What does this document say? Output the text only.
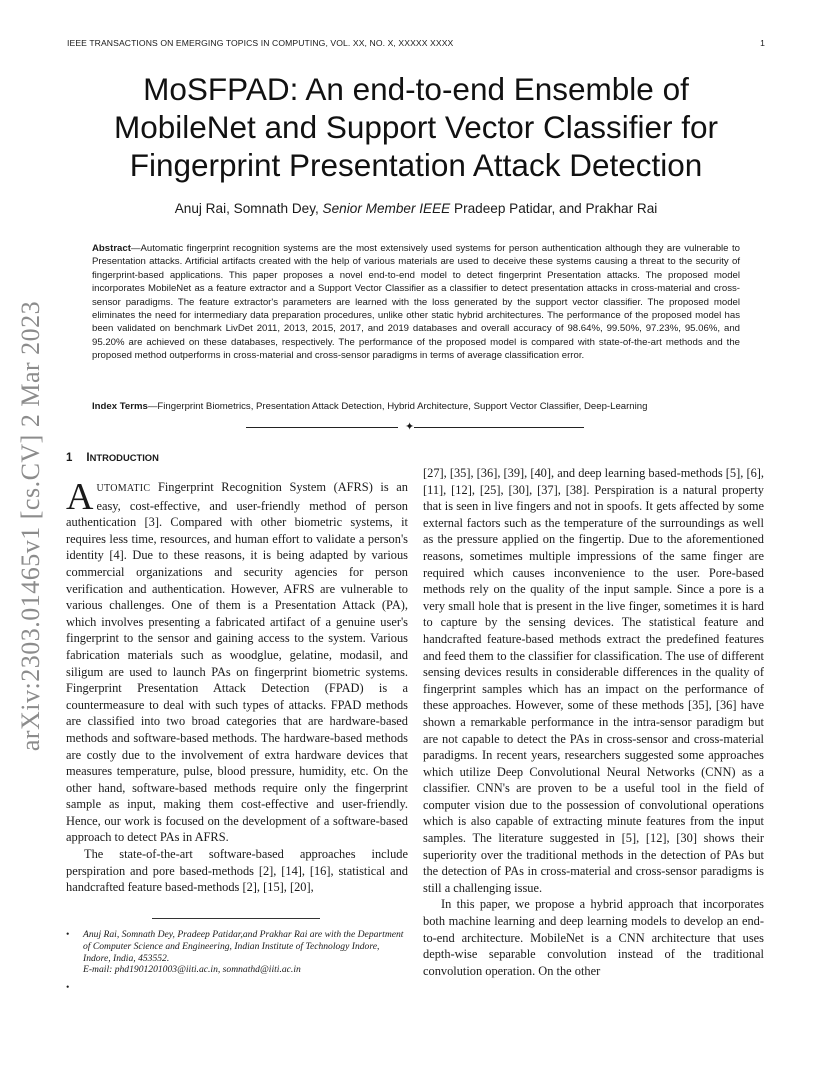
IEEE TRANSACTIONS ON EMERGING TOPICS IN COMPUTING, VOL. XX, NO. X, XXXXX XXXX	1
arXiv:2303.01465v1 [cs.CV] 2 Mar 2023
MoSFPAD: An end-to-end Ensemble of MobileNet and Support Vector Classifier for Fingerprint Presentation Attack Detection
Anuj Rai, Somnath Dey, Senior Member IEEE Pradeep Patidar, and Prakhar Rai
Abstract—Automatic fingerprint recognition systems are the most extensively used systems for person authentication although they are vulnerable to Presentation attacks. Artificial artifacts created with the help of various materials are used to deceive these systems causing a threat to the security of fingerprint-based applications. This paper proposes a novel end-to-end model to detect fingerprint Presentation attacks. The proposed model incorporates MobileNet as a feature extractor and a Support Vector Classifier as a classifier to detect presentation attacks in cross-material and cross-sensor paradigms. The feature extractor's parameters are learned with the loss generated by the support vector classifier. The proposed model eliminates the need for intermediary data preparation procedures, unlike other static hybrid architectures. The performance of the proposed model has been validated on benchmark LivDet 2011, 2013, 2015, 2017, and 2019 databases and overall accuracy of 98.64%, 99.50%, 97.23%, 95.06%, and 95.20% are achieved on these databases, respectively. The performance of the proposed model is compared with state-of-the-art methods and the proposed method outperforms in cross-material and cross-sensor paradigms in terms of average classification error.
Index Terms—Fingerprint Biometrics, Presentation Attack Detection, Hybrid Architecture, Support Vector Classifier, Deep-Learning
✦
1 INTRODUCTION

AUTOMATIC Fingerprint Recognition System (AFRS) is an easy, cost-effective, and user-friendly method of person authentication [3]. Compared with other biometric systems, it requires less time, resources, and human effort to validate a person's identity [4]. Due to these reasons, it is being adapted by various commercial organizations and security agencies for person verification and authentication. However, AFRS are vulnerable to various challenges. One of them is a Presentation Attack (PA), which involves presenting a fabricated artifact of a genuine user's fingerprint to the sensor and gaining access to the system. Various fabrication materials such as woodglue, gelatine, modasil, and siligum are used to launch PAs on fingerprint biometric systems. Fingerprint Presentation Attack Detection (FPAD) is a countermeasure to deal with such types of attacks. FPAD methods are classified into two broad categories that are hardware-based methods and software-based methods. The hardware-based methods are costly due to the involvement of extra hardware devices that measures temperature, pulse, blood pressure, humidity, etc. On the other hand, software-based methods require only the fingerprint sample as input, making them cost-effective and user-friendly. Hence, our work is focused on the development of a software-based approach to detect PAs in AFRS.

The state-of-the-art software-based approaches include perspiration and pore based-methods [2], [14], [16], statistical and handcrafted feature based-methods [2], [15], [20],

[27], [35], [36], [39], [40], and deep learning based-methods [5], [6], [11], [12], [25], [30], [37], [38]. Perspiration is a natural property that is seen in live fingers and not in spoofs. It gets affected by some external factors such as the temperature of the surroundings as well as the pressure applied on the fingertip. Due to the aforementioned reasons, sometimes multiple impressions of the same finger are required which causes inconvenience to the user. Pore-based methods rely on the quality of the input sample. Since a pore is a very small hole that is present in the live finger, sometimes it is hard to capture by the sensing devices. The statistical feature and handcrafted feature-based methods extract the predefined features and feed them to the classifier for classification. The use of different sensing devices results in considerable differences in the quality of fingerprint samples which has an impact on the performance of these approaches. However, some of these methods [35], [36] have shown a remarkable performance in the intra-sensor paradigm but are not capable to detect the PAs in cross-sensor and cross-material paradigms. In recent years, researchers suggested some approaches which utilize Deep Convolutional Neural Networks (CNN) as a classifier. CNN's are proven to be a useful tool in the field of computer vision due to the possession of convolutional operations which is also capable of extracting minute features from the input samples. The literature suggested in [5], [12], [30] shows their superiority over the traditional methods in the detection of PAs but the detection of PAs in cross-material and cross-sensor paradigms is still a challenging issue.

In this paper, we propose a hybrid approach that incorporates both machine learning and deep learning models to develop an end-to-end architecture. MobileNet is a CNN architecture that uses depth-wise separable convolution instead of the traditional convolution operation. On the other

• Anuj Rai, Somnath Dey, Pradeep Patidar,and Prakhar Rai are with the Department of Computer Science and Engineering, Indian Institute of Technology Indore, Indore, India, 453552.
E-mail: phd1901201003@iiti.ac.in, somnathd@iiti.ac.in
•
